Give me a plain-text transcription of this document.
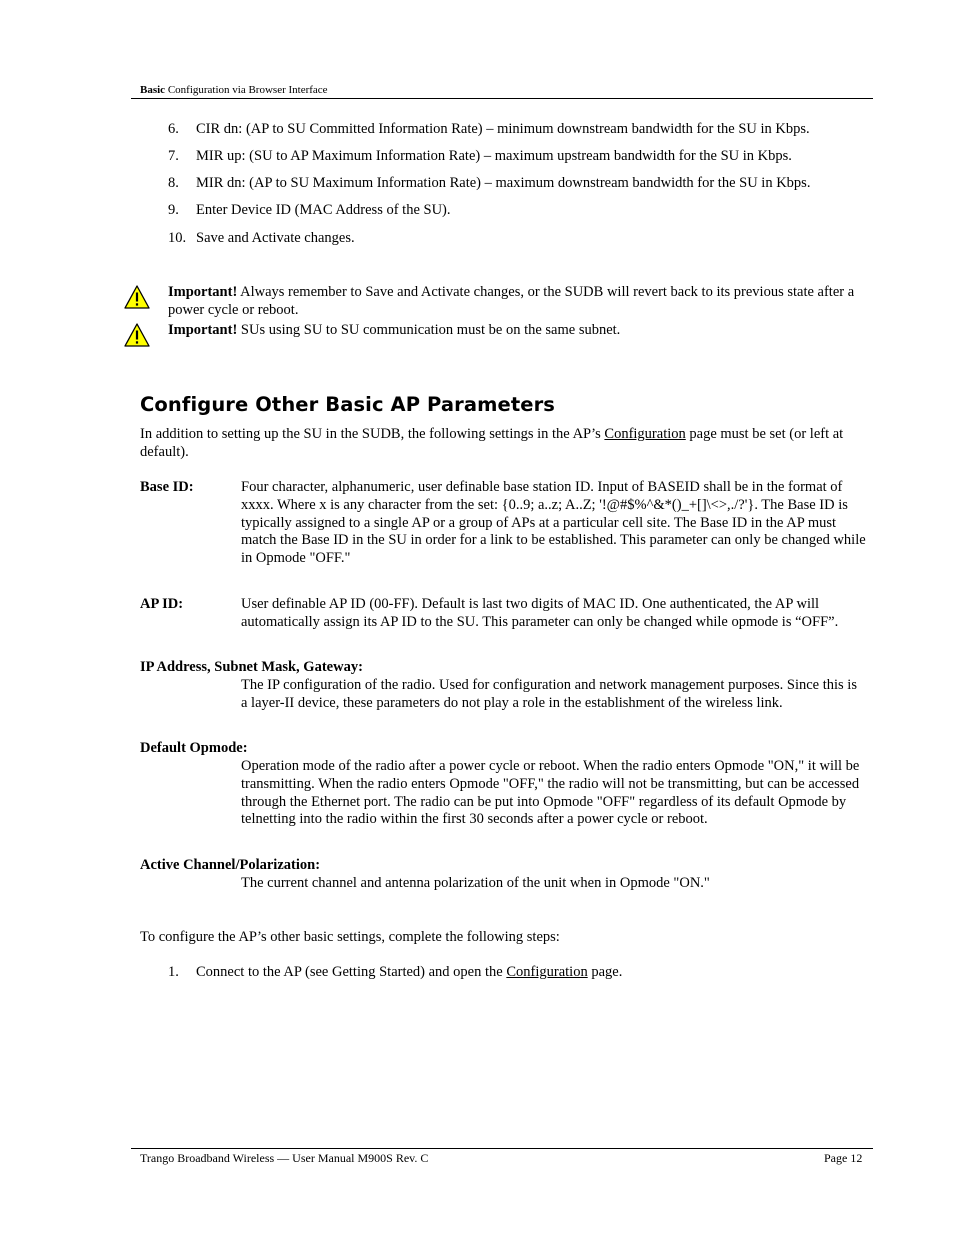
Basic Configuration via Browser Interface
6. CIR dn: (AP to SU Committed Information Rate) – minimum downstream bandwidth for the SU in Kbps.
7. MIR up: (SU to AP Maximum Information Rate) – maximum upstream bandwidth for the SU in Kbps.
8. MIR dn: (AP to SU Maximum Information Rate) – maximum downstream bandwidth for the SU in Kbps.
9. Enter Device ID (MAC Address of the SU).
10. Save and Activate changes.
Important! Always remember to Save and Activate changes, or the SUDB will revert back to its previous state after a power cycle or reboot.
Important! SUs using SU to SU communication must be on the same subnet.
Configure Other Basic AP Parameters
In addition to setting up the SU in the SUDB, the following settings in the AP’s Configuration page must be set (or left at default).
Base ID:	Four character, alphanumeric, user definable base station ID. Input of BASEID shall be in the format of xxxx. Where x is any character from the set: {0..9; a..z; A..Z; '!@#$%^&*()_+[]\<>,./?'}. The Base ID is typically assigned to a single AP or a group of APs at a particular cell site. The Base ID in the AP must match the Base ID in the SU in order for a link to be established. This parameter can only be changed while in Opmode "OFF."
AP ID:	User definable AP ID (00-FF). Default is last two digits of MAC ID. One authenticated, the AP will automatically assign its AP ID to the SU. This parameter can only be changed while opmode is “OFF”.
IP Address, Subnet Mask, Gateway:
The IP configuration of the radio. Used for configuration and network management purposes. Since this is a layer-II device, these parameters do not play a role in the establishment of the wireless link.
Default Opmode:
Operation mode of the radio after a power cycle or reboot. When the radio enters Opmode "ON," it will be transmitting. When the radio enters Opmode "OFF," the radio will not be transmitting, but can be accessed through the Ethernet port. The radio can be put into Opmode "OFF" regardless of its default Opmode by telnetting into the radio within the first 30 seconds after a power cycle or reboot.
Active Channel/Polarization:
The current channel and antenna polarization of the unit when in Opmode "ON."
To configure the AP’s other basic settings, complete the following steps:
1. Connect to the AP (see Getting Started) and open the Configuration page.
Trango Broadband Wireless — User Manual M900S Rev. C	Page 12
